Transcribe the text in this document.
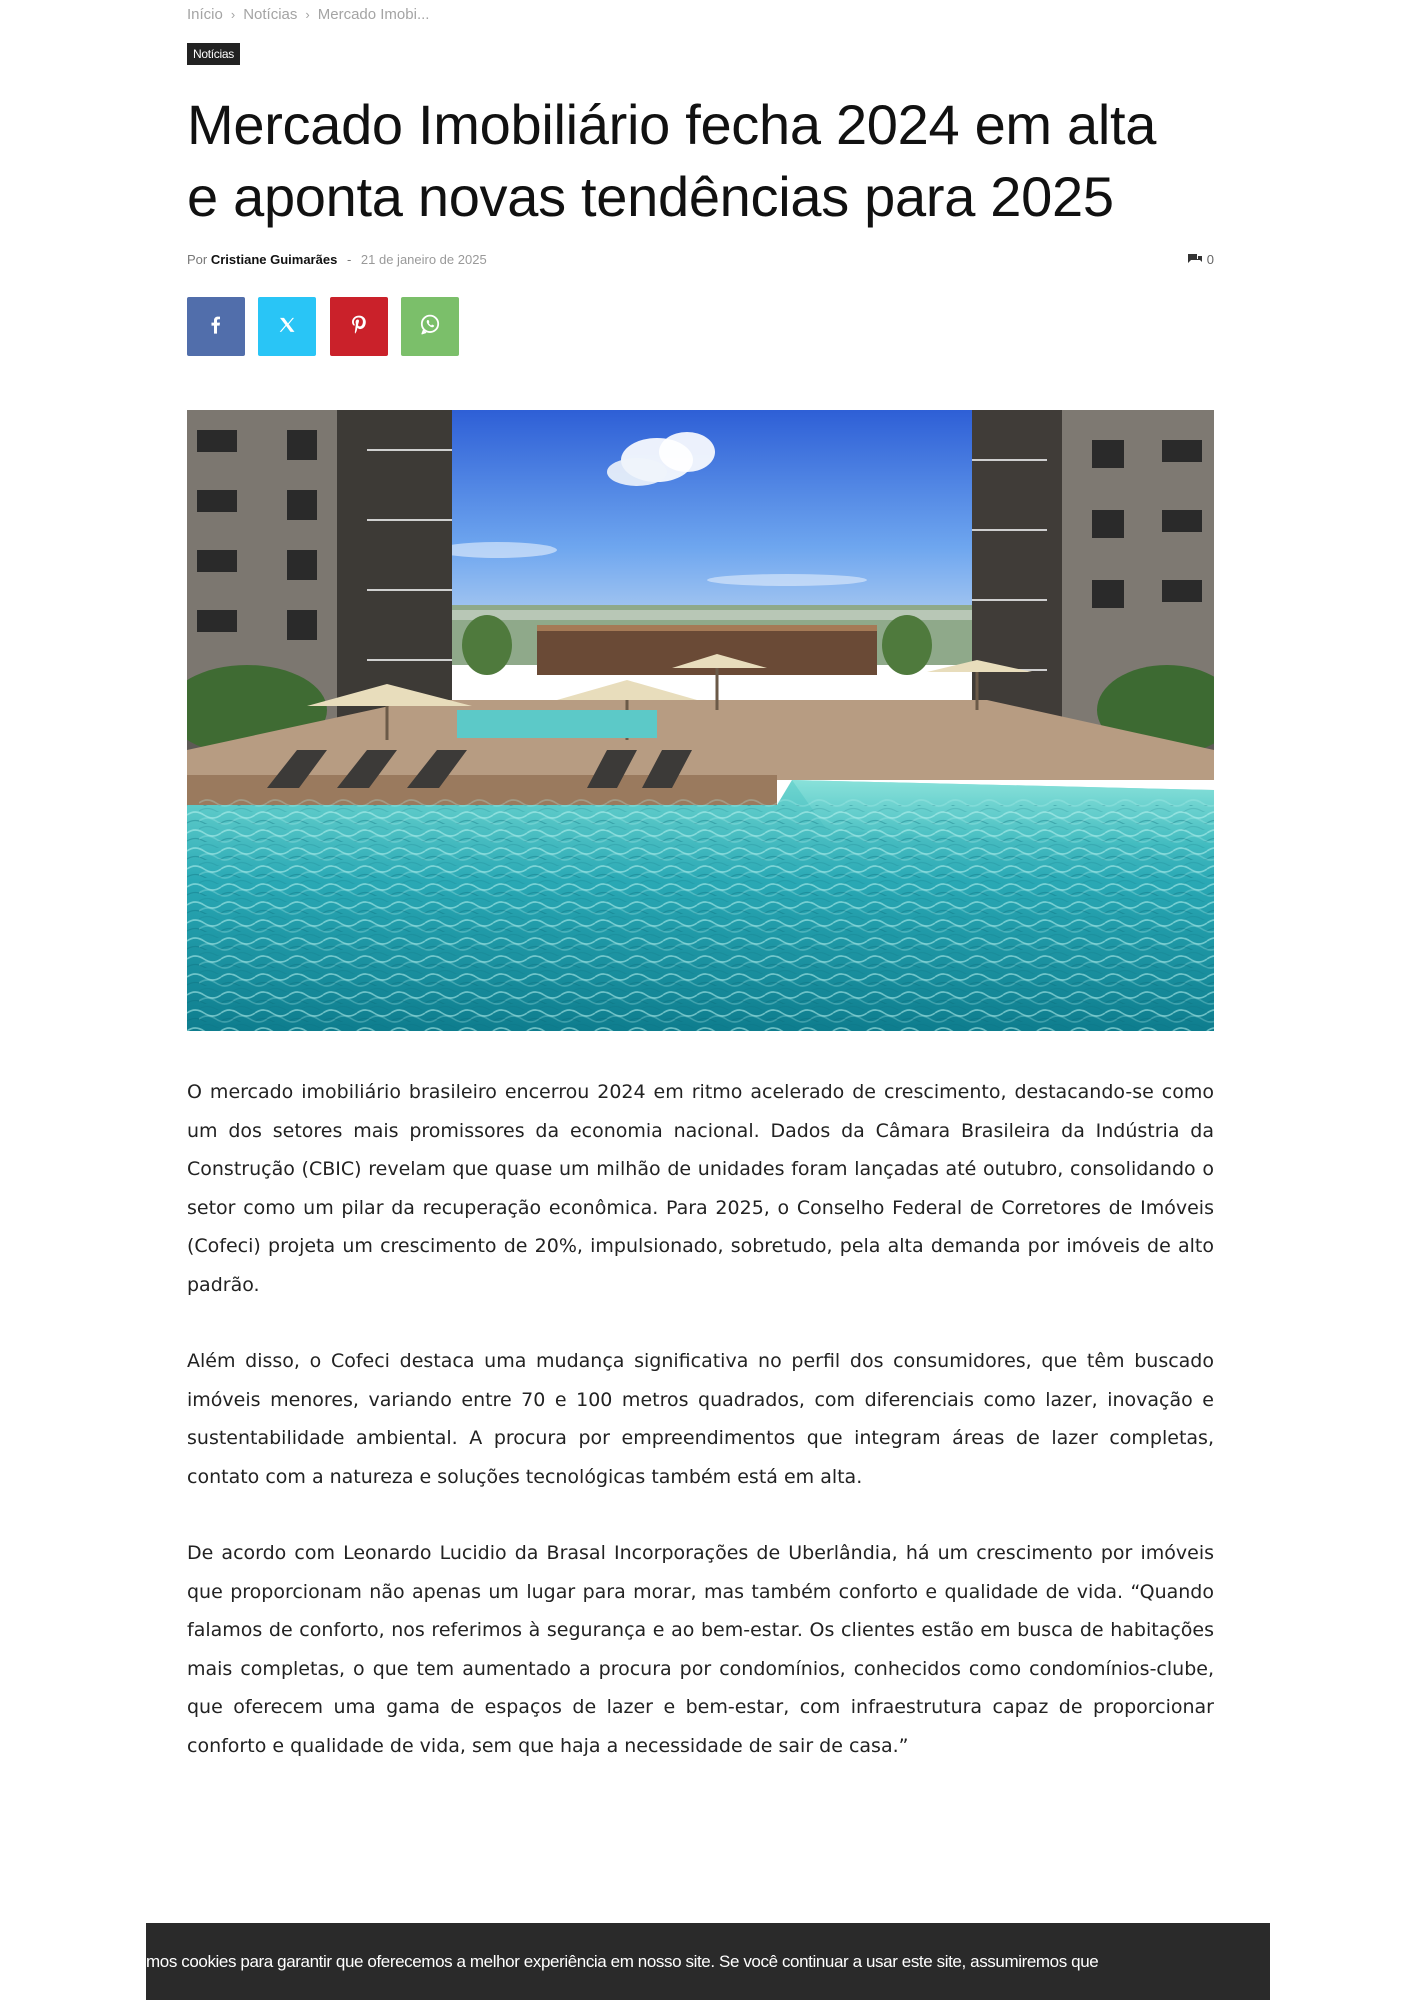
Início › Notícias › Mercado Imobi...
Notícias
Mercado Imobiliário fecha 2024 em alta e aponta novas tendências para 2025
Por Cristiane Guimarães - 21 de janeiro de 2025	0

O mercado imobiliário brasileiro encerrou 2024 em ritmo acelerado de crescimento, destacando-se como um dos setores mais promissores da economia nacional. Dados da Câmara Brasileira da Indústria da Construção (CBIC) revelam que quase um milhão de unidades foram lançadas até outubro, consolidando o setor como um pilar da recuperação econômica. Para 2025, o Conselho Federal de Corretores de Imóveis (Cofeci) projeta um crescimento de 20%, impulsionado, sobretudo, pela alta demanda por imóveis de alto padrão.

Além disso, o Cofeci destaca uma mudança significativa no perfil dos consumidores, que têm buscado imóveis menores, variando entre 70 e 100 metros quadrados, com diferenciais como lazer, inovação e sustentabilidade ambiental. A procura por empreendimentos que integram áreas de lazer completas, contato com a natureza e soluções tecnológicas também está em alta.

De acordo com Leonardo Lucidio da Brasal Incorporações de Uberlândia, há um crescimento por imóveis que proporcionam não apenas um lugar para morar, mas também conforto e qualidade de vida. “Quando falamos de conforto, nos referimos à segurança e ao bem-estar. Os clientes estão em busca de habitações mais completas, o que tem aumentado a procura por condomínios, conhecidos como condomínios-clube, que oferecem uma gama de espaços de lazer e bem-estar, com infraestrutura capaz de proporcionar conforto e qualidade de vida, sem que haja a necessidade de sair de casa.”

mos cookies para garantir que oferecemos a melhor experiência em nosso site. Se você continuar a usar este site, assumiremos que
